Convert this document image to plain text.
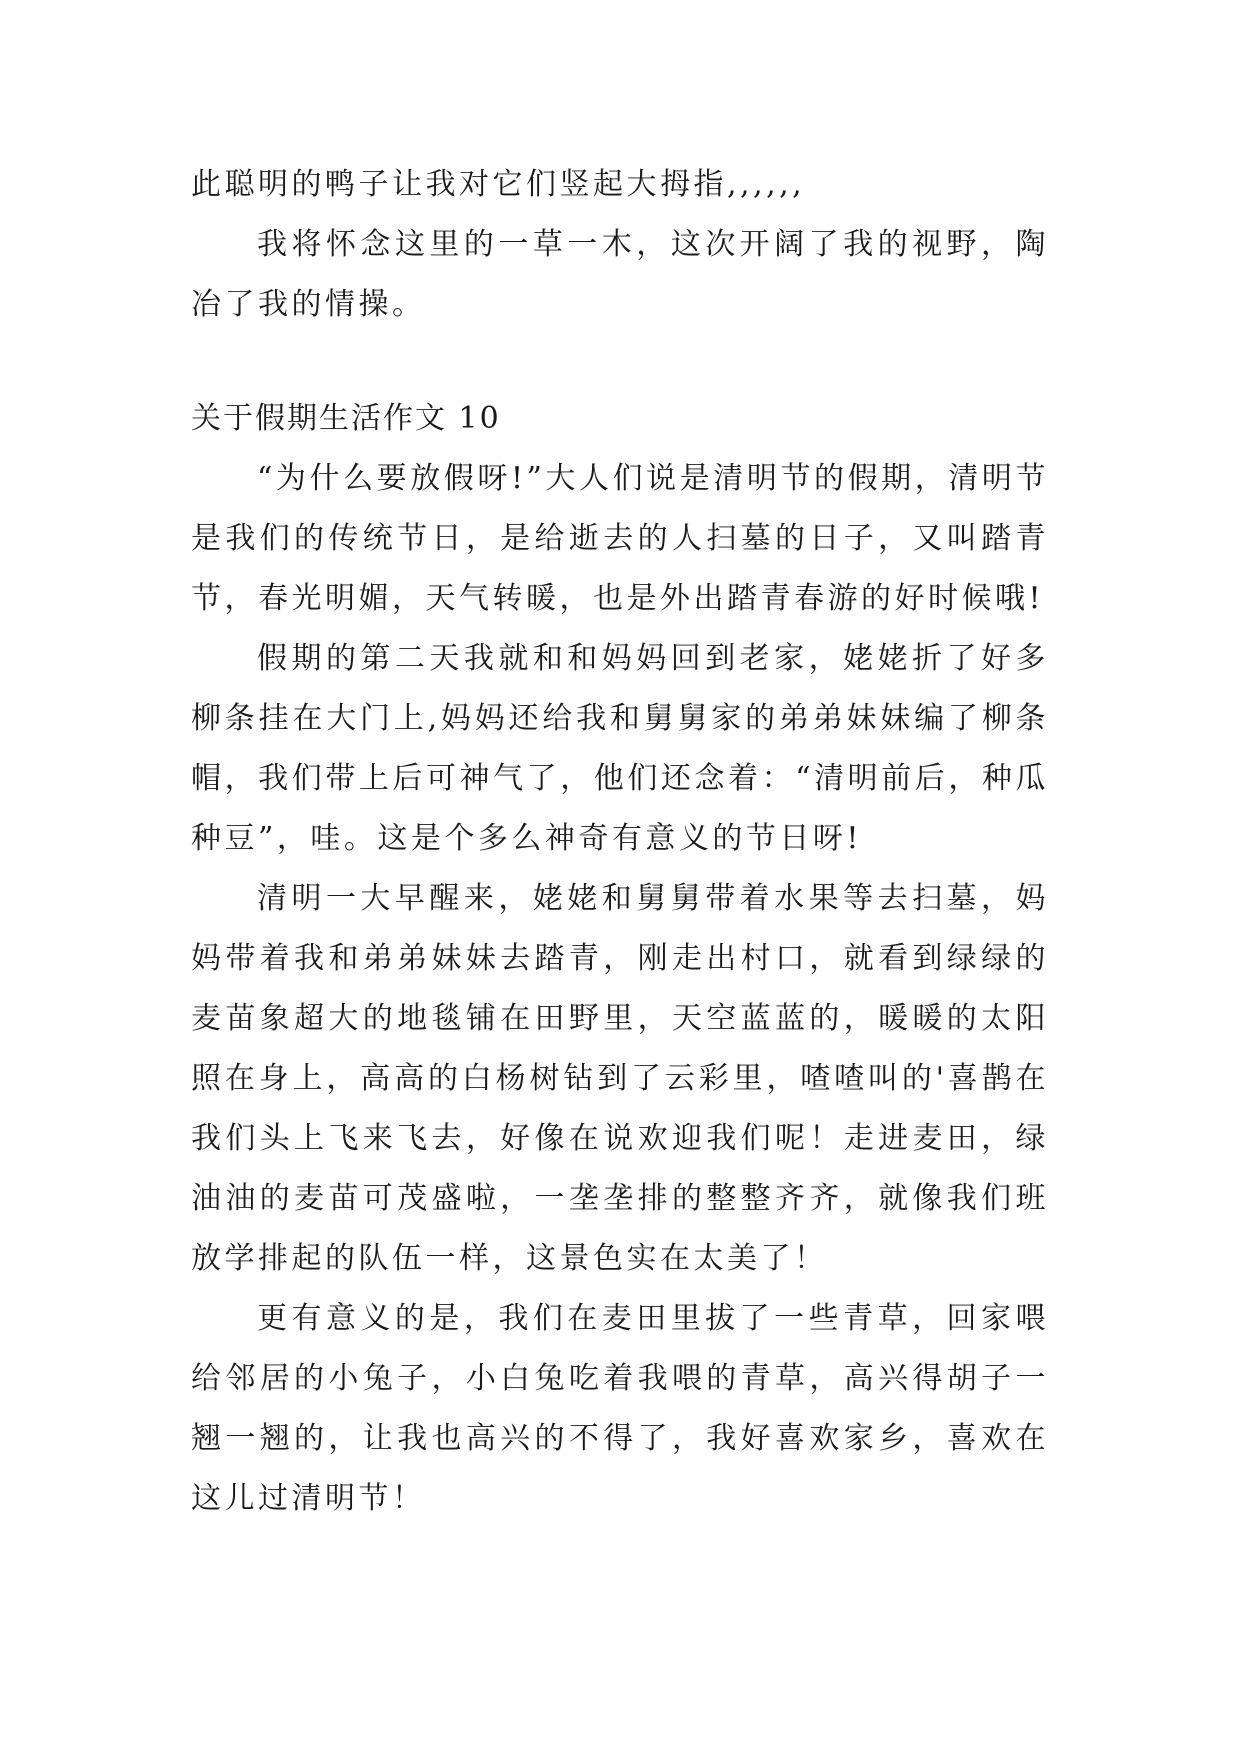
此聪明的鸭子让我对它们竖起大拇指,,,,,,

我将怀念这里的一草一木，这次开阔了我的视野，陶冶了我的情操。

关于假期生活作文 10

“为什么要放假呀!”大人们说是清明节的假期，清明节是我们的传统节日，是给逝去的人扫墓的日子，又叫踏青节，春光明媚，天气转暖，也是外出踏青春游的好时候哦!

假期的第二天我就和和妈妈回到老家，姥姥折了好多柳条挂在大门上,妈妈还给我和舅舅家的弟弟妹妹编了柳条帽，我们带上后可神气了，他们还念着：“清明前后，种瓜种豆”，哇。这是个多么神奇有意义的节日呀!

清明一大早醒来，姥姥和舅舅带着水果等去扫墓，妈妈带着我和弟弟妹妹去踏青，刚走出村口，就看到绿绿的麦苗象超大的地毯铺在田野里，天空蓝蓝的，暖暖的太阳照在身上，高高的白杨树钻到了云彩里，喳喳叫的'喜鹊在我们头上飞来飞去，好像在说欢迎我们呢！走进麦田，绿油油的麦苗可茂盛啦，一垄垄排的整整齐齐，就像我们班放学排起的队伍一样，这景色实在太美了！

更有意义的是，我们在麦田里拔了一些青草，回家喂给邻居的小兔子，小白兔吃着我喂的青草，高兴得胡子一翘一翘的，让我也高兴的不得了，我好喜欢家乡，喜欢在这儿过清明节！
